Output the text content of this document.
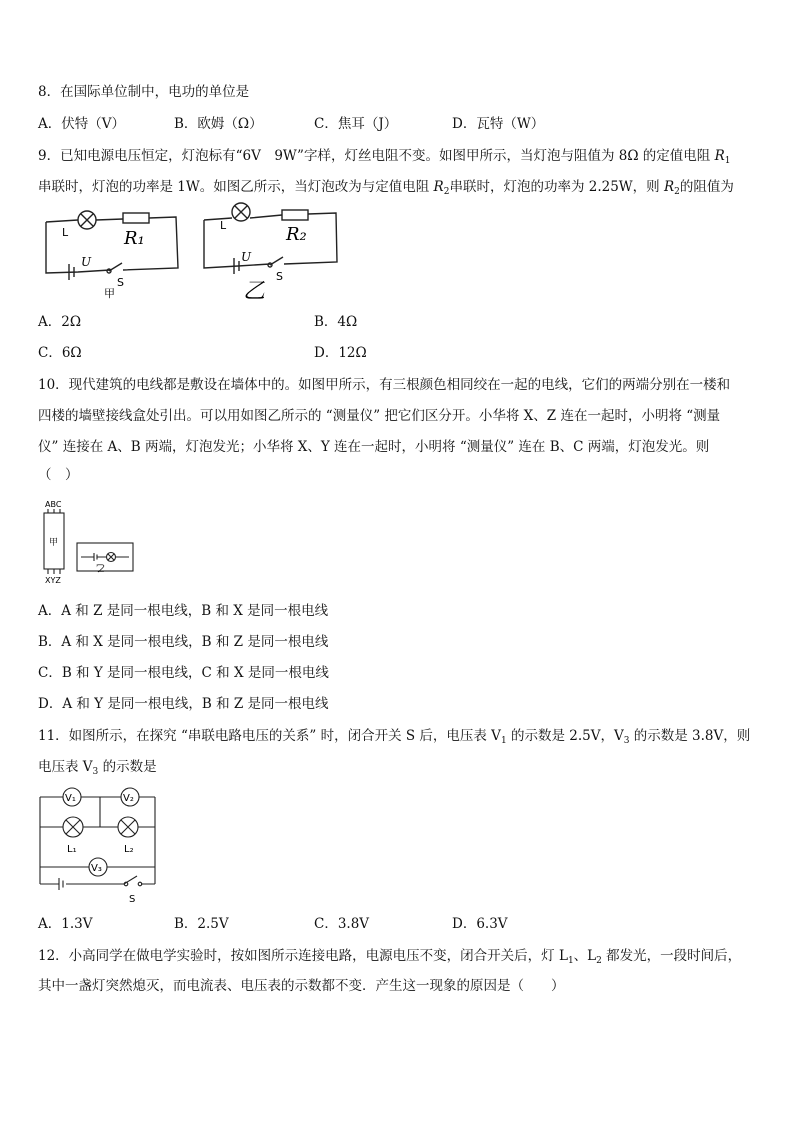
8．在国际单位制中，电功的单位是
A．伏特（V）	B．欧姆（Ω）	C．焦耳（J）	D．瓦特（W）
9．已知电源电压恒定，灯泡标有“6V　9W”字样，灯丝电阻不变。如图甲所示，当灯泡与阻值为 8Ω 的定值电阻 $R_1$
串联时，灯泡的功率是 1W。如图乙所示，当灯泡改为与定值电阻 $R_2$串联时，灯泡的功率为 2.25W，则 $R_2$的阻值为
L	R₁
U
S
甲
L	R₂
U
S
乙
A．2Ω	B．4Ω
C．6Ω	D．12Ω
10．现代建筑的电线都是敷设在墙体中的。如图甲所示，有三根颜色相同绞在一起的电线，它们的两端分别在一楼和
四楼的墙壁接线盒处引出。可以用如图乙所示的 “测量仪” 把它们区分开。小华将 X、Z 连在一起时，小明将 “测量
仪” 连接在 A、B 两端，灯泡发光；小华将 X、Y 连在一起时，小明将 “测量仪” 连在 B、C 两端，灯泡发光。则
（　）
ABC
甲
XYZ
乙
A．A 和 Z 是同一根电线，B 和 X 是同一根电线
B．A 和 X 是同一根电线，B 和 Z 是同一根电线
C．B 和 Y 是同一根电线，C 和 X 是同一根电线
D．A 和 Y 是同一根电线，B 和 Z 是同一根电线
11．如图所示，在探究 “串联电路电压的关系” 时，闭合开关 S 后，电压表 $V_1$ 的示数是 2.5V，$V_3$ 的示数是 3.8V，则
电压表 $V_3$ 的示数是
V₁	V₂
L₁	L₂
V₃
S
A．1.3V	B．2.5V	C．3.8V	D．6.3V
12．小高同学在做电学实验时，按如图所示连接电路，电源电压不变，闭合开关后，灯 $L_1$、$L_2$ 都发光，一段时间后，
其中一盏灯突然熄灭，而电流表、电压表的示数都不变．产生这一现象的原因是（　　）
